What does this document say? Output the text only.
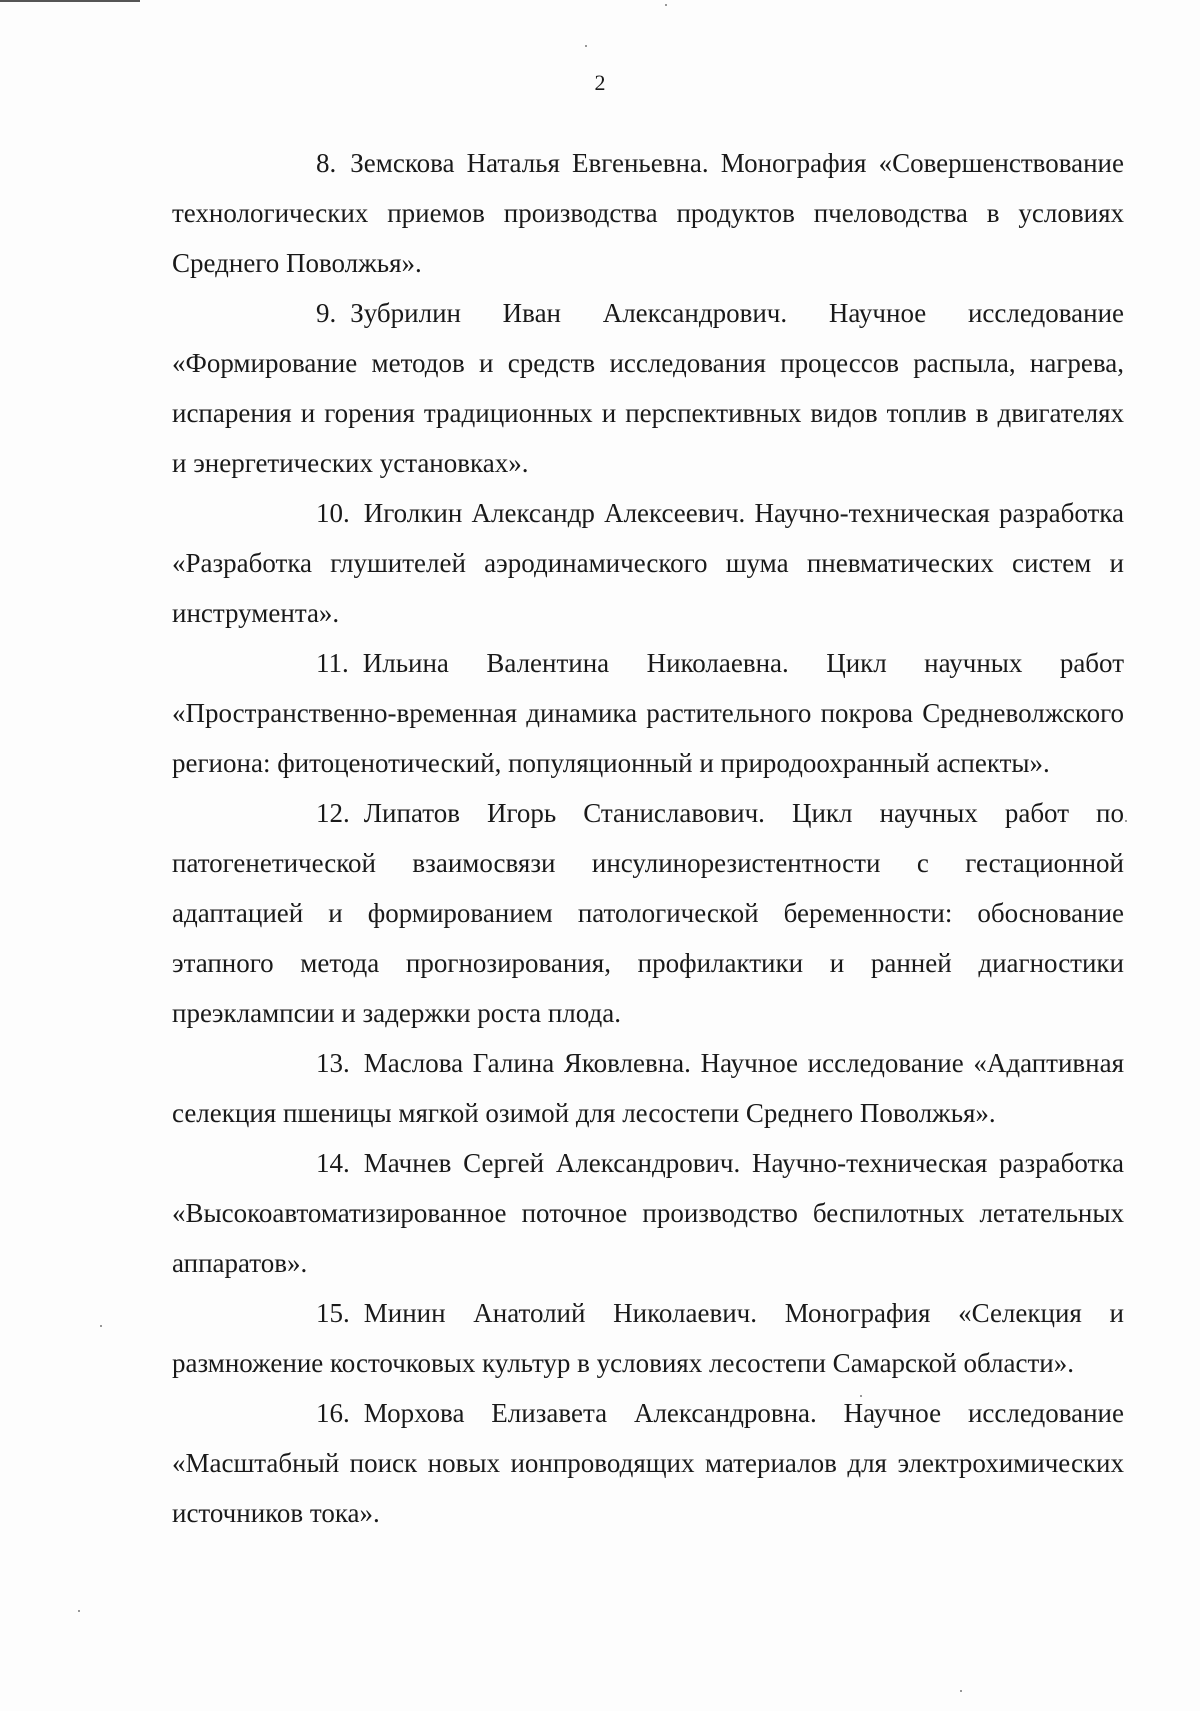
2

8. Земскова Наталья Евгеньевна. Монография «Совершенствование технологических приемов производства продуктов пчеловодства в условиях Среднего Поволжья».

9. Зубрилин Иван Александрович. Научное исследование «Формирование методов и средств исследования процессов распыла, нагрева, испарения и горения традиционных и перспективных видов топлив в двигателях и энергетических установках».

10. Иголкин Александр Алексеевич. Научно-техническая разработка «Разработка глушителей аэродинамического шума пневматических систем и инструмента».

11. Ильина Валентина Николаевна. Цикл научных работ «Пространственно-временная динамика растительного покрова Средневолжского региона: фитоценотический, популяционный и природоохранный аспекты».

12. Липатов Игорь Станиславович. Цикл научных работ по патогенетической взаимосвязи инсулинорезистентности с гестационной адаптацией и формированием патологической беременности: обоснование этапного метода прогнозирования, профилактики и ранней диагностики преэклампсии и задержки роста плода.

13. Маслова Галина Яковлевна. Научное исследование «Адаптивная селекция пшеницы мягкой озимой для лесостепи Среднего Поволжья».

14. Мачнев Сергей Александрович. Научно-техническая разработка «Высокоавтоматизированное поточное производство беспилотных летательных аппаратов».

15. Минин Анатолий Николаевич. Монография «Селекция и размножение косточковых культур в условиях лесостепи Самарской области».

16. Морхова Елизавета Александровна. Научное исследование «Масштабный поиск новых ионпроводящих материалов для электрохимических источников тока».
